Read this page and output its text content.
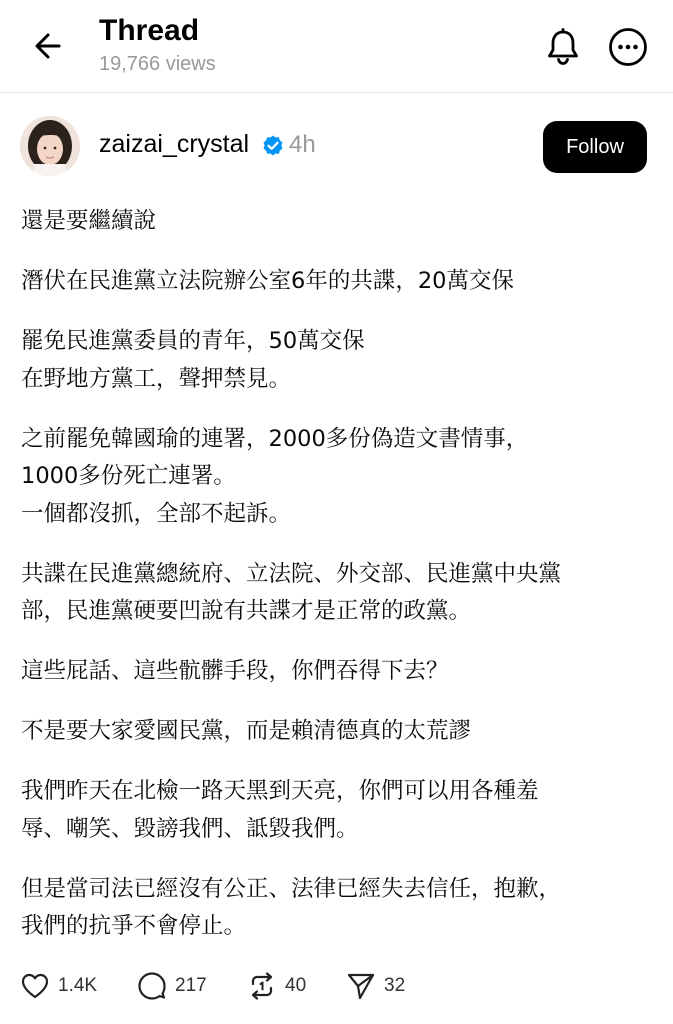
Thread
19,766 views
zaizai_crystal 4h	Follow
還是要繼續說
潛伏在民進黨立法院辦公室6年的共諜，20萬交保
罷免民進黨委員的青年，50萬交保
在野地方黨工，聲押禁見。
之前罷免韓國瑜的連署，2000多份偽造文書情事，
1000多份死亡連署。
一個都沒抓，全部不起訴。
共諜在民進黨總統府、立法院、外交部、民進黨中央黨
部，民進黨硬要凹說有共諜才是正常的政黨。
這些屁話、這些骯髒手段，你們吞得下去？
不是要大家愛國民黨，而是賴清德真的太荒謬
我們昨天在北檢一路天黑到天亮，你們可以用各種羞
辱、嘲笑、毀謗我們、詆毀我們。
但是當司法已經沒有公正、法律已經失去信任，抱歉，
我們的抗爭不會停止。
1.4K	217	40	32
